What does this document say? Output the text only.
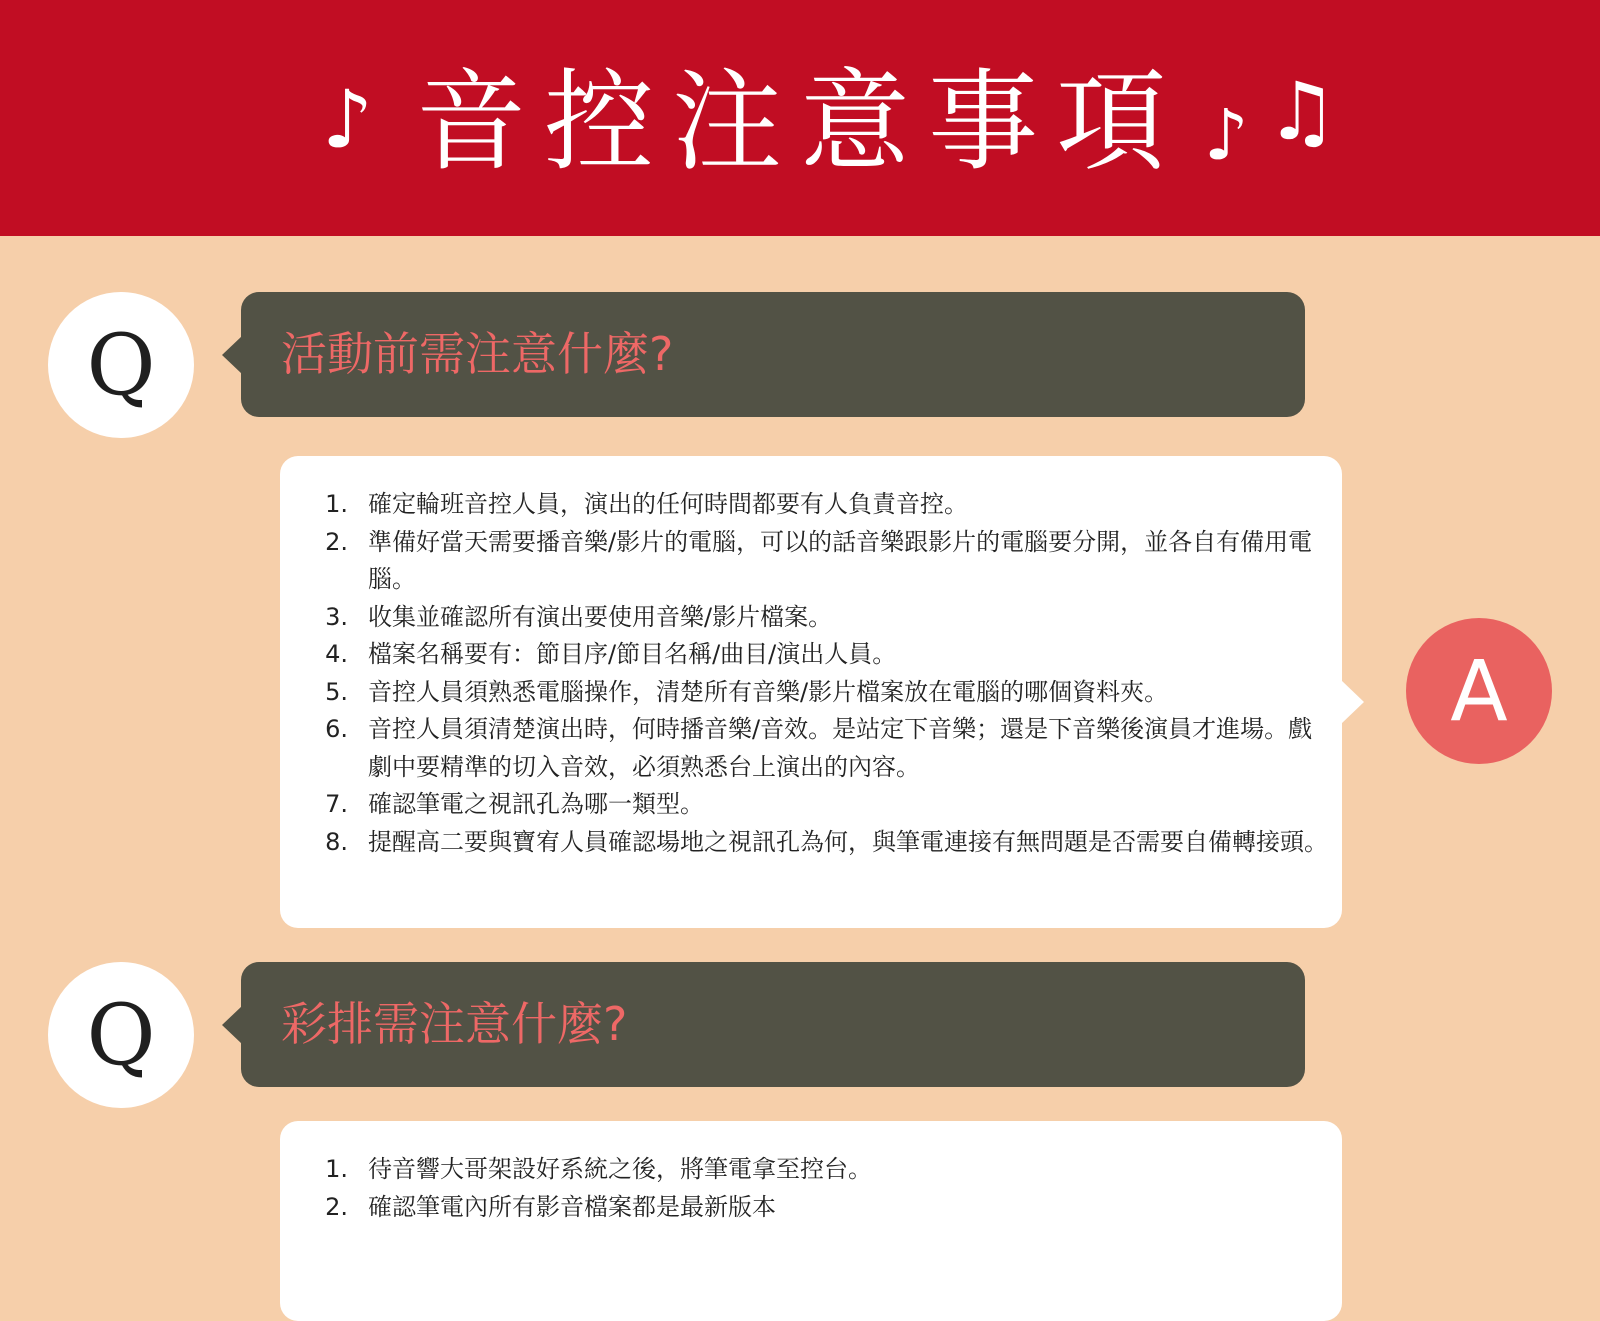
♪ 音控注意事項 ♪ ♫
Q	活動前需注意什麼?
1. 確定輪班音控人員，演出的任何時間都要有人負責音控。
2. 準備好當天需要播音樂/影片的電腦，可以的話音樂跟影片的電腦要分開，並各自有備用電腦。
3. 收集並確認所有演出要使用音樂/影片檔案。
4. 檔案名稱要有：節目序/節目名稱/曲目/演出人員。
5. 音控人員須熟悉電腦操作，清楚所有音樂/影片檔案放在電腦的哪個資料夾。
6. 音控人員須清楚演出時，何時播音樂/音效。是站定下音樂；還是下音樂後演員才進場。戲劇中要精準的切入音效，必須熟悉台上演出的內容。
7. 確認筆電之視訊孔為哪一類型。
8. 提醒高二要與寶宥人員確認場地之視訊孔為何，與筆電連接有無問題是否需要自備轉接頭。
A
Q	彩排需注意什麼?
1. 待音響大哥架設好系統之後，將筆電拿至控台。
2. 確認筆電內所有影音檔案都是最新版本
